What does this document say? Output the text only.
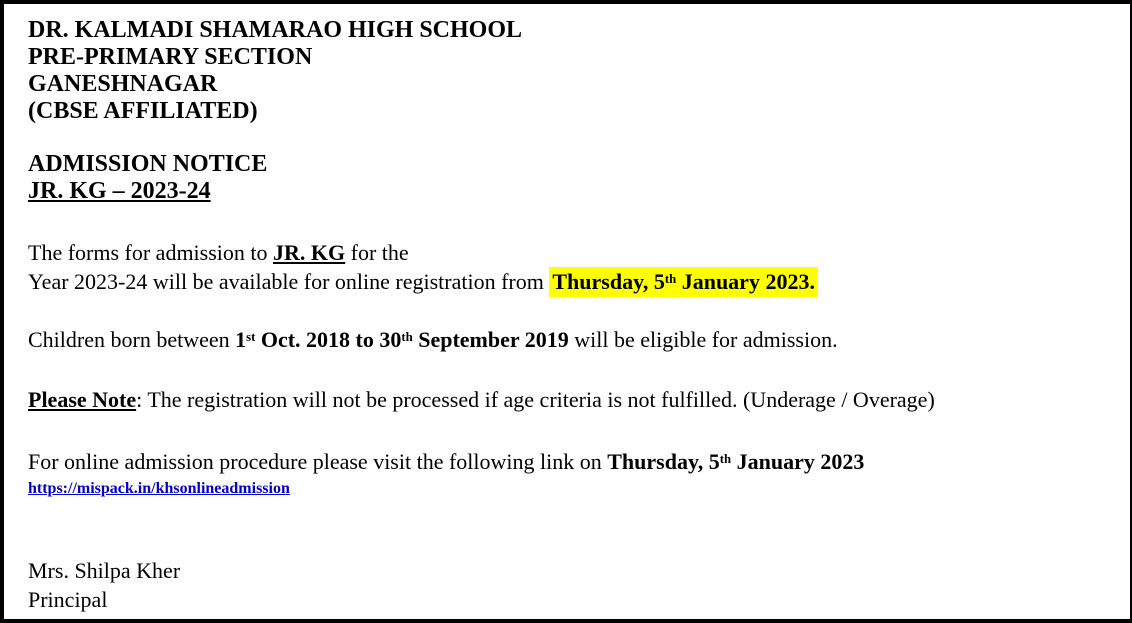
DR. KALMADI SHAMARAO HIGH SCHOOL
PRE-PRIMARY SECTION
GANESHNAGAR
(CBSE AFFILIATED)
ADMISSION NOTICE
JR. KG – 2023-24

The forms for admission to JR. KG for the
Year 2023-24 will be available for online registration from Thursday, 5th January 2023.

Children born between 1st Oct. 2018 to 30th September 2019 will be eligible for admission.

Please Note: The registration will not be processed if age criteria is not fulfilled. (Underage / Overage)

For online admission procedure please visit the following link on Thursday, 5th January 2023

https://mispack.in/khsonlineadmission
Mrs. Shilpa Kher
Principal
